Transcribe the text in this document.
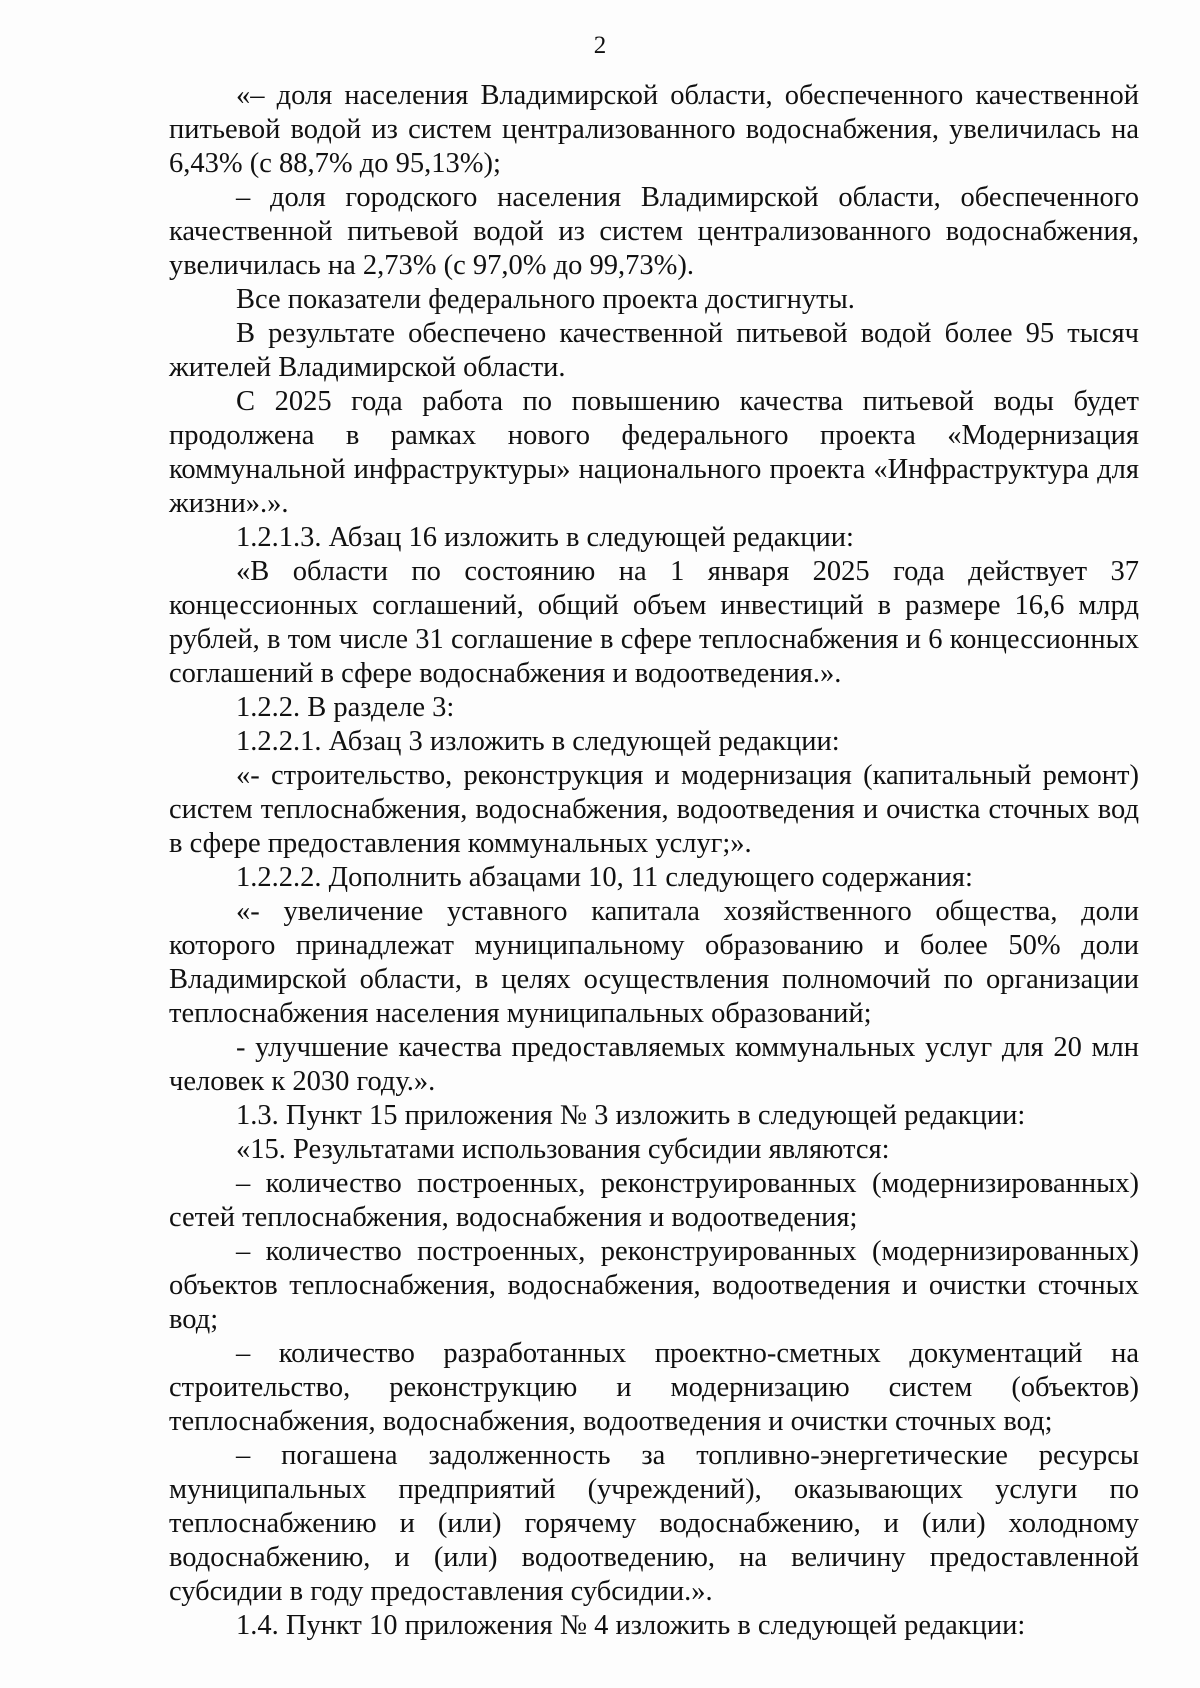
2

«– доля населения Владимирской области, обеспеченного качественной питьевой водой из систем централизованного водоснабжения, увеличилась на 6,43% (с 88,7% до 95,13%);

– доля городского населения Владимирской области, обеспеченного качественной питьевой водой из систем централизованного водоснабжения, увеличилась на 2,73% (с 97,0% до 99,73%).

Все показатели федерального проекта достигнуты.

В результате обеспечено качественной питьевой водой более 95 тысяч жителей Владимирской области.

С 2025 года работа по повышению качества питьевой воды будет продолжена в рамках нового федерального проекта «Модернизация коммунальной инфраструктуры» национального проекта «Инфраструктура для жизни».».

1.2.1.3. Абзац 16 изложить в следующей редакции:

«В области по состоянию на 1 января 2025 года действует 37 концессионных соглашений, общий объем инвестиций в размере 16,6 млрд рублей, в том числе 31 соглашение в сфере теплоснабжения и 6 концессионных соглашений в сфере водоснабжения и водоотведения.».

1.2.2. В разделе 3:

1.2.2.1. Абзац 3 изложить в следующей редакции:

«- строительство, реконструкция и модернизация (капитальный ремонт) систем теплоснабжения, водоснабжения, водоотведения и очистка сточных вод в сфере предоставления коммунальных услуг;».

1.2.2.2. Дополнить абзацами 10, 11 следующего содержания:

«- увеличение уставного капитала хозяйственного общества, доли которого принадлежат муниципальному образованию и более 50% доли Владимирской области, в целях осуществления полномочий по организации теплоснабжения населения муниципальных образований;

- улучшение качества предоставляемых коммунальных услуг для 20 млн человек к 2030 году.».

1.3. Пункт 15 приложения № 3 изложить в следующей редакции:

«15. Результатами использования субсидии являются:

– количество построенных, реконструированных (модернизированных) сетей теплоснабжения, водоснабжения и водоотведения;

– количество построенных, реконструированных (модернизированных) объектов теплоснабжения, водоснабжения, водоотведения и очистки сточных вод;

– количество разработанных проектно-сметных документаций на строительство, реконструкцию и модернизацию систем (объектов) теплоснабжения, водоснабжения, водоотведения и очистки сточных вод;

– погашена задолженность за топливно-энергетические ресурсы муниципальных предприятий (учреждений), оказывающих услуги по теплоснабжению и (или) горячему водоснабжению, и (или) холодному водоснабжению, и (или) водоотведению, на величину предоставленной субсидии в году предоставления субсидии.».

1.4. Пункт 10 приложения № 4 изложить в следующей редакции:
